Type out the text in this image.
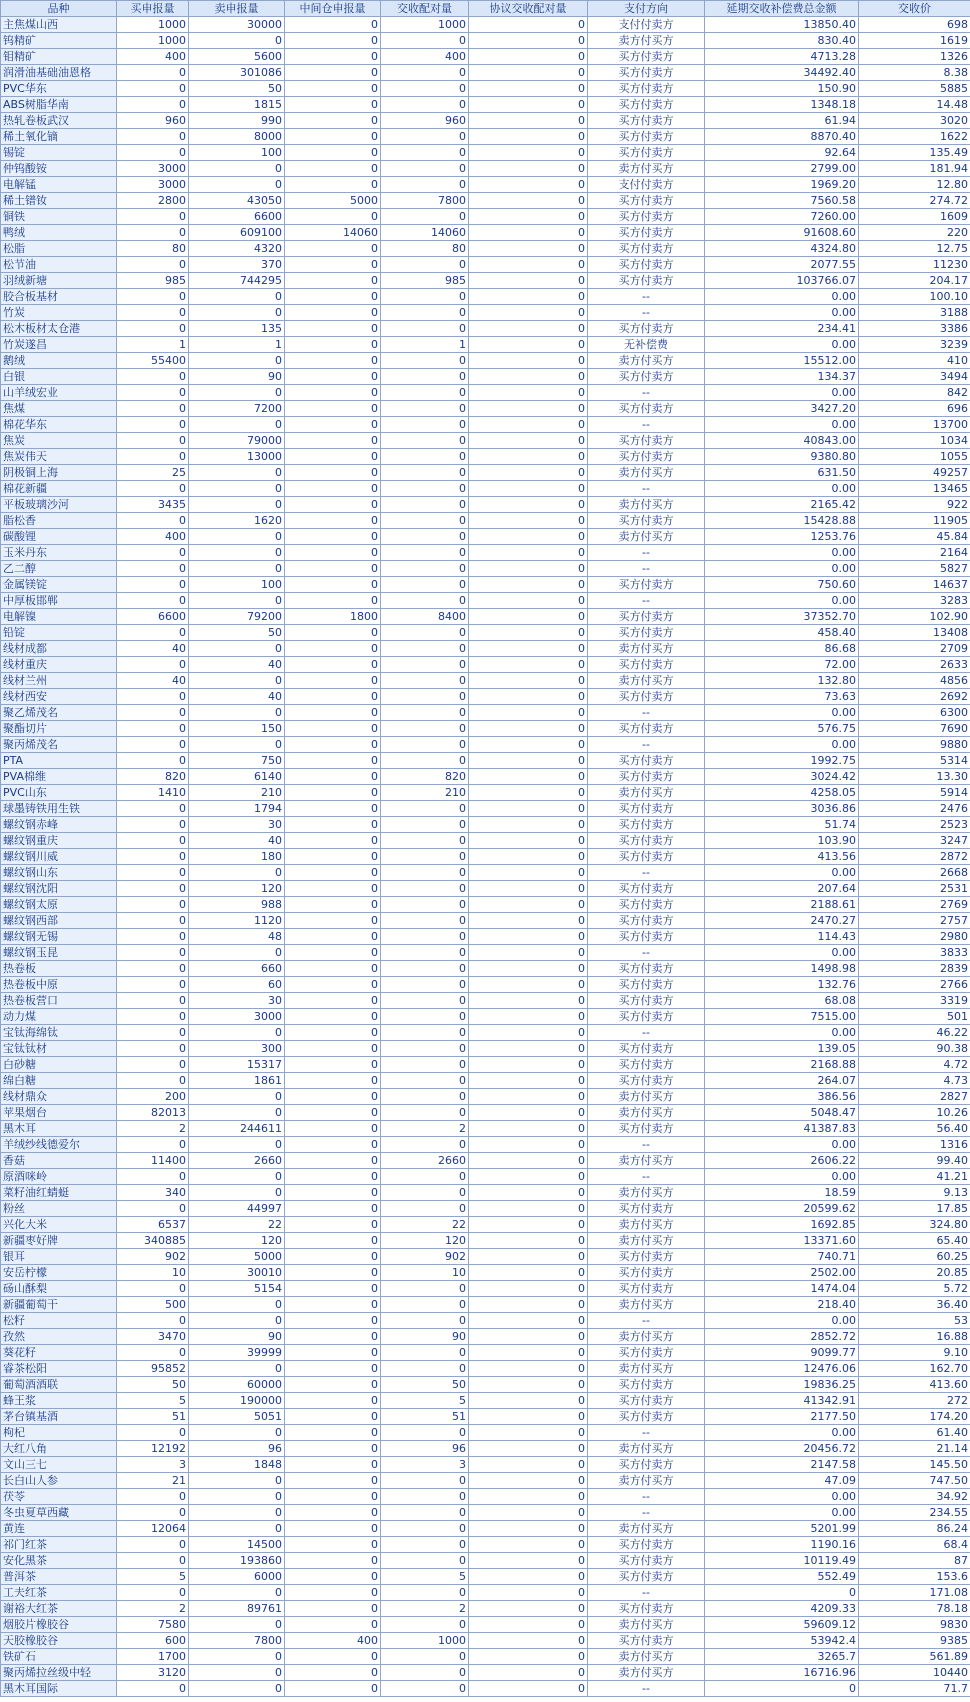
品种	买申报量	卖申报量	中间仓申报量	交收配对量	协议交收配对量	支付方向	延期交收补偿费总金额	交收价
主焦煤山西	1000	30000	0	1000	0	支付付卖方	13850.40	698
钨精矿	1000	0	0	0	0	卖方付买方	830.40	1619
钼精矿	400	5600	0	400	0	买方付卖方	4713.28	1326
润滑油基础油恩格	0	301086	0	0	0	买方付卖方	34492.40	8.38
PVC华东	0	50	0	0	0	买方付卖方	150.90	5885
ABS树脂华南	0	1815	0	0	0	买方付卖方	1348.18	14.48
热轧卷板武汉	960	990	0	960	0	买方付卖方	61.94	3020
稀土氧化镝	0	8000	0	0	0	买方付卖方	8870.40	1622
锡锭	0	100	0	0	0	买方付卖方	92.64	135.49
仲钨酸铵	3000	0	0	0	0	卖方付买方	2799.00	181.94
电解锰	3000	0	0	0	0	支付付卖方	1969.20	12.80
稀土镨钕	2800	43050	5000	7800	0	买方付卖方	7560.58	274.72
铜铁	0	6600	0	0	0	买方付卖方	7260.00	1609
鸭绒	0	609100	14060	14060	0	买方付卖方	91608.60	220
松脂	80	4320	0	80	0	买方付卖方	4324.80	12.75
松节油	0	370	0	0	0	买方付卖方	2077.55	11230
羽绒新塘	985	744295	0	985	0	买方付卖方	103766.07	204.17
胶合板基材	0	0	0	0	0	--	0.00	100.10
竹炭	0	0	0	0	0	--	0.00	3188
松木板材太仓港	0	135	0	0	0	买方付卖方	234.41	3386
竹炭遂昌	1	1	0	1	0	无补偿费	0.00	3239
鹅绒	55400	0	0	0	0	卖方付买方	15512.00	410
白银	0	90	0	0	0	买方付卖方	134.37	3494
山羊绒宏业	0	0	0	0	0	--	0.00	842
焦煤	0	7200	0	0	0	买方付卖方	3427.20	696
棉花华东	0	0	0	0	0	--	0.00	13700
焦炭	0	79000	0	0	0	买方付卖方	40843.00	1034
焦炭伟天	0	13000	0	0	0	买方付卖方	9380.80	1055
阴极铜上海	25	0	0	0	0	卖方付买方	631.50	49257
棉花新疆	0	0	0	0	0	--	0.00	13465
平板玻璃沙河	3435	0	0	0	0	卖方付买方	2165.42	922
脂松香	0	1620	0	0	0	买方付卖方	15428.88	11905
碳酸锂	400	0	0	0	0	卖方付买方	1253.76	45.84
玉米丹东	0	0	0	0	0	--	0.00	2164
乙二醇	0	0	0	0	0	--	0.00	5827
金属镁锭	0	100	0	0	0	买方付卖方	750.60	14637
中厚板邯郸	0	0	0	0	0	--	0.00	3283
电解镍	6600	79200	1800	8400	0	买方付卖方	37352.70	102.90
铅锭	0	50	0	0	0	买方付卖方	458.40	13408
线材成都	40	0	0	0	0	卖方付买方	86.68	2709
线材重庆	0	40	0	0	0	买方付卖方	72.00	2633
线材兰州	40	0	0	0	0	卖方付买方	132.80	4856
线材西安	0	40	0	0	0	买方付卖方	73.63	2692
聚乙烯茂名	0	0	0	0	0	--	0.00	6300
聚酯切片	0	150	0	0	0	买方付卖方	576.75	7690
聚丙烯茂名	0	0	0	0	0	--	0.00	9880
PTA	0	750	0	0	0	买方付卖方	1992.75	5314
PVA棉维	820	6140	0	820	0	买方付卖方	3024.42	13.30
PVC山东	1410	210	0	210	0	卖方付买方	4258.05	5914
球墨铸铁用生铁	0	1794	0	0	0	买方付卖方	3036.86	2476
螺纹钢赤峰	0	30	0	0	0	买方付卖方	51.74	2523
螺纹钢重庆	0	40	0	0	0	买方付卖方	103.90	3247
螺纹钢川威	0	180	0	0	0	买方付卖方	413.56	2872
螺纹钢山东	0	0	0	0	0	--	0.00	2668
螺纹钢沈阳	0	120	0	0	0	买方付卖方	207.64	2531
螺纹钢太原	0	988	0	0	0	买方付卖方	2188.61	2769
螺纹钢西部	0	1120	0	0	0	买方付卖方	2470.27	2757
螺纹钢无锡	0	48	0	0	0	买方付卖方	114.43	2980
螺纹钢玉昆	0	0	0	0	0	--	0.00	3833
热卷板	0	660	0	0	0	买方付卖方	1498.98	2839
热卷板中原	0	60	0	0	0	买方付卖方	132.76	2766
热卷板营口	0	30	0	0	0	买方付卖方	68.08	3319
动力煤	0	3000	0	0	0	买方付卖方	7515.00	501
宝钛海绵钛	0	0	0	0	0	--	0.00	46.22
宝钛钛材	0	300	0	0	0	买方付卖方	139.05	90.38
白砂糖	0	15317	0	0	0	买方付卖方	2168.88	4.72
绵白糖	0	1861	0	0	0	买方付卖方	264.07	4.73
线材鼎众	200	0	0	0	0	卖方付买方	386.56	2827
苹果烟台	82013	0	0	0	0	卖方付买方	5048.47	10.26
黑木耳	2	244611	0	2	0	买方付卖方	41387.83	56.40
羊绒纱线德爱尔	0	0	0	0	0	--	0.00	1316
香菇	11400	2660	0	2660	0	卖方付买方	2606.22	99.40
原酒咪岭	0	0	0	0	0	--	0.00	41.21
菜籽油红蜻蜓	340	0	0	0	0	卖方付买方	18.59	9.13
粉丝	0	44997	0	0	0	买方付卖方	20599.62	17.85
兴化大米	6537	22	0	22	0	卖方付买方	1692.85	324.80
新疆枣好牌	340885	120	0	120	0	卖方付买方	13371.60	65.40
银耳	902	5000	0	902	0	买方付卖方	740.71	60.25
安岳柠檬	10	30010	0	10	0	买方付卖方	2502.00	20.85
砀山酥梨	0	5154	0	0	0	买方付卖方	1474.04	5.72
新疆葡萄干	500	0	0	0	0	卖方付买方	218.40	36.40
松籽	0	0	0	0	0	--	0.00	53
孜然	3470	90	0	90	0	卖方付买方	2852.72	16.88
葵花籽	0	39999	0	0	0	买方付卖方	9099.77	9.10
睿茶松阳	95852	0	0	0	0	卖方付买方	12476.06	162.70
葡萄酒酒联	50	60000	0	50	0	买方付卖方	19836.25	413.60
蜂王浆	5	190000	0	5	0	买方付卖方	41342.91	272
茅台镇基酒	51	5051	0	51	0	买方付卖方	2177.50	174.20
枸杞	0	0	0	0	0	--	0.00	61.40
大红八角	12192	96	0	96	0	卖方付买方	20456.72	21.14
文山三七	3	1848	0	3	0	买方付卖方	2147.58	145.50
长白山人参	21	0	0	0	0	卖方付买方	47.09	747.50
茯苓	0	0	0	0	0	--	0.00	34.92
冬虫夏草西藏	0	0	0	0	0	--	0.00	234.55
黄连	12064	0	0	0	0	卖方付买方	5201.99	86.24
祁门红茶	0	14500	0	0	0	买方付卖方	1190.16	68.4
安化黑茶	0	193860	0	0	0	买方付卖方	10119.49	87
普洱茶	5	6000	0	5	0	买方付卖方	552.49	153.6
工夫红茶	0	0	0	0	0	--	0	171.08
谢裕大红茶	2	89761	0	2	0	买方付卖方	4209.33	78.18
烟胶片橡胶谷	7580	0	0	0	0	卖方付买方	59609.12	9830
天胶橡胶谷	600	7800	400	1000	0	买方付卖方	53942.4	9385
铁矿石	1700	0	0	0	0	卖方付买方	3265.7	561.89
聚丙烯拉丝级中轻	3120	0	0	0	0	卖方付买方	16716.96	10440
黑木耳国际	0	0	0	0	0	--	0	71.7
